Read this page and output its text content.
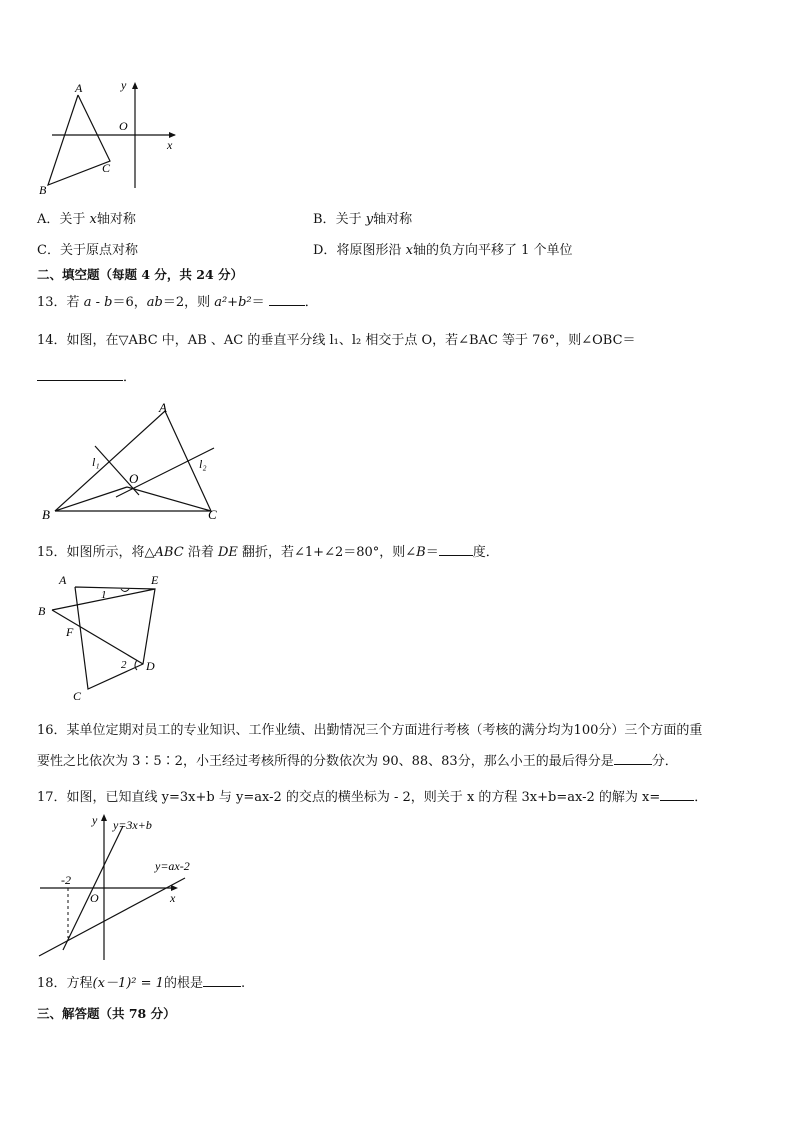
A
B
C
O
x
y
A．关于 x轴对称	B．关于 y轴对称
C．关于原点对称	D．将原图形沿 x轴的负方向平移了 1 个单位
二、填空题（每题 4 分，共 24 分）
13．若 a - b＝6，ab＝2，则 a²+b²＝	．
14．如图，在▽ABC 中，AB 、AC 的垂直平分线 l₁、l₂ 相交于点 O，若∠BAC 等于 76°，则∠OBC＝
．
A
B	C
O
l₁	l₂
15．如图所示，将△ABC 沿着 DE 翻折，若∠1+∠2＝80°，则∠B＝	度．
A	E
B
F
D
C
1
2
16．某单位定期对员工的专业知识、工作业绩、出勤情况三个方面进行考核（考核的满分均为100分）三个方面的重
要性之比依次为 3∶5∶2，小王经过考核所得的分数依次为 90、88、83分，那么小王的最后得分是	分．
17．如图，已知直线 y=3x+b 与 y=ax-2 的交点的横坐标为 - 2，则关于 x 的方程 3x+b=ax-2 的解为 x=	．
y=3x+b
y=ax-2
-2
O	x
y
18．方程(x－1)² = 1的根是	.
三、解答题（共 78 分）
